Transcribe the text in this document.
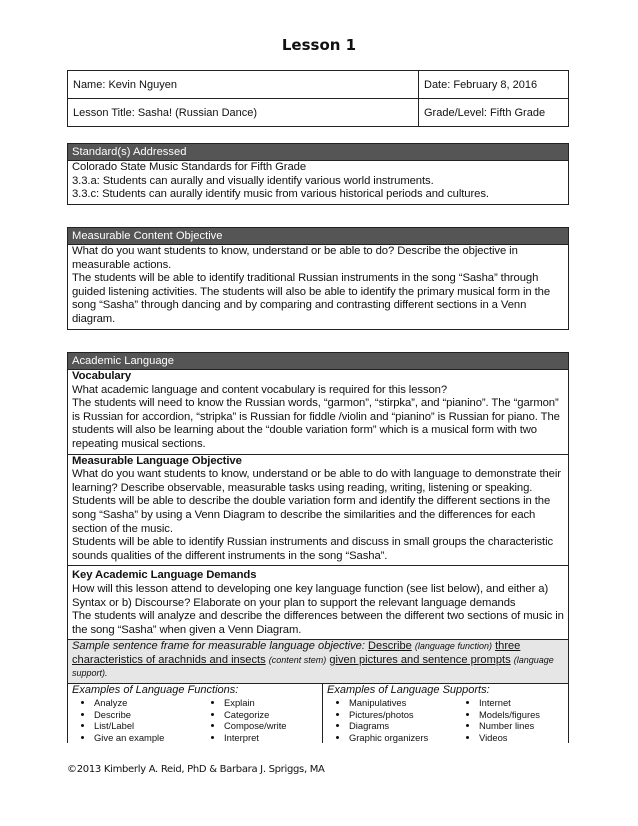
Lesson 1
Name: Kevin Nguyen	Date: February 8, 2016
Lesson Title: Sasha! (Russian Dance)	Grade/Level: Fifth Grade
Standard(s) Addressed

Colorado State Music Standards for Fifth Grade

3.3.a: Students can aurally and visually identify various world instruments.

3.3.c: Students can aurally identify music from various historical periods and cultures.

Measurable Content Objective

What do you want students to know, understand or be able to do? Describe the objective in measurable actions.

The students will be able to identify traditional Russian instruments in the song “Sasha” through guided listening activities. The students will also be able to identify the primary musical form in the song “Sasha” through dancing and by comparing and contrasting different sections in a Venn diagram.

Academic Language

Vocabulary

What academic language and content vocabulary is required for this lesson?

The students will need to know the Russian words, “garmon”, “stirpka”, and “pianino”. The “garmon” is Russian for accordion, “stripka” is Russian for fiddle /violin and “pianino” is Russian for piano. The students will also be learning about the “double variation form” which is a musical form with two repeating musical sections.

Measurable Language Objective

What do you want students to know, understand or be able to do with language to demonstrate their learning? Describe observable, measurable tasks using reading, writing, listening or speaking.

Students will be able to describe the double variation form and identify the different sections in the song “Sasha” by using a Venn Diagram to describe the similarities and the differences for each section of the music.

Students will be able to identify Russian instruments and discuss in small groups the characteristic sounds qualities of the different instruments in the song “Sasha”.

Key Academic Language Demands

How will this lesson attend to developing one key language function (see list below), and either a) Syntax or b) Discourse? Elaborate on your plan to support the relevant language demands

The students will analyze and describe the differences between the different two sections of music in the song “Sasha” when given a Venn Diagram.

Sample sentence frame for measurable language objective: Describe (language function) three characteristics of arachnids and insects (content stem) given pictures and sentence prompts (language support).

Examples of Language Functions:
• Analyze
• Describe
• List/Label
• Give an example
• Explain
• Categorize
• Compose/write
• Interpret

Examples of Language Supports:
• Manipulatives
• Pictures/photos
• Diagrams
• Graphic organizers
• Internet
• Models/figures
• Number lines
• Videos
©2013 Kimberly A. Reid, PhD & Barbara J. Spriggs, MA
